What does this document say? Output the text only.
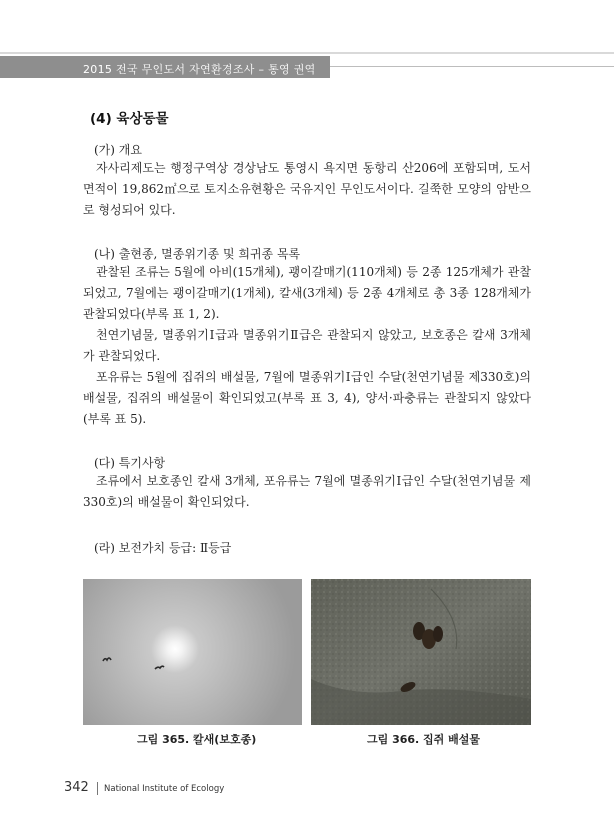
2015 전국 무인도서 자연환경조사 – 통영 권역
(4) 육상동물
(가) 개요
자사리제도는 행정구역상 경상남도 통영시 욕지면 동항리 산206에 포함되며, 도서면적이 19,862㎡으로 토지소유현황은 국유지인 무인도서이다. 길쭉한 모양의 암반으로 형성되어 있다.
(나) 출현종, 멸종위기종 및 희귀종 목록
관찰된 조류는 5월에 아비(15개체), 괭이갈매기(110개체) 등 2종 125개체가 관찰되었고, 7월에는 괭이갈매기(1개체), 칼새(3개체) 등 2종 4개체로 총 3종 128개체가 관찰되었다(부록 표 1, 2).
천연기념물, 멸종위기Ⅰ급과 멸종위기Ⅱ급은 관찰되지 않았고, 보호종은 칼새 3개체가 관찰되었다.
포유류는 5월에 집쥐의 배설물, 7월에 멸종위기Ⅰ급인 수달(천연기념물 제330호)의 배설물, 집쥐의 배설물이 확인되었고(부록 표 3, 4), 양서·파충류는 관찰되지 않았다(부록 표 5).
(다) 특기사항
조류에서 보호종인 칼새 3개체, 포유류는 7월에 멸종위기Ⅰ급인 수달(천연기념물 제330호)의 배설물이 확인되었다.
(라) 보전가치 등급: Ⅱ등급
그림 365. 칼새(보호종)	그림 366. 집쥐 배설물
342 National Institute of Ecology
